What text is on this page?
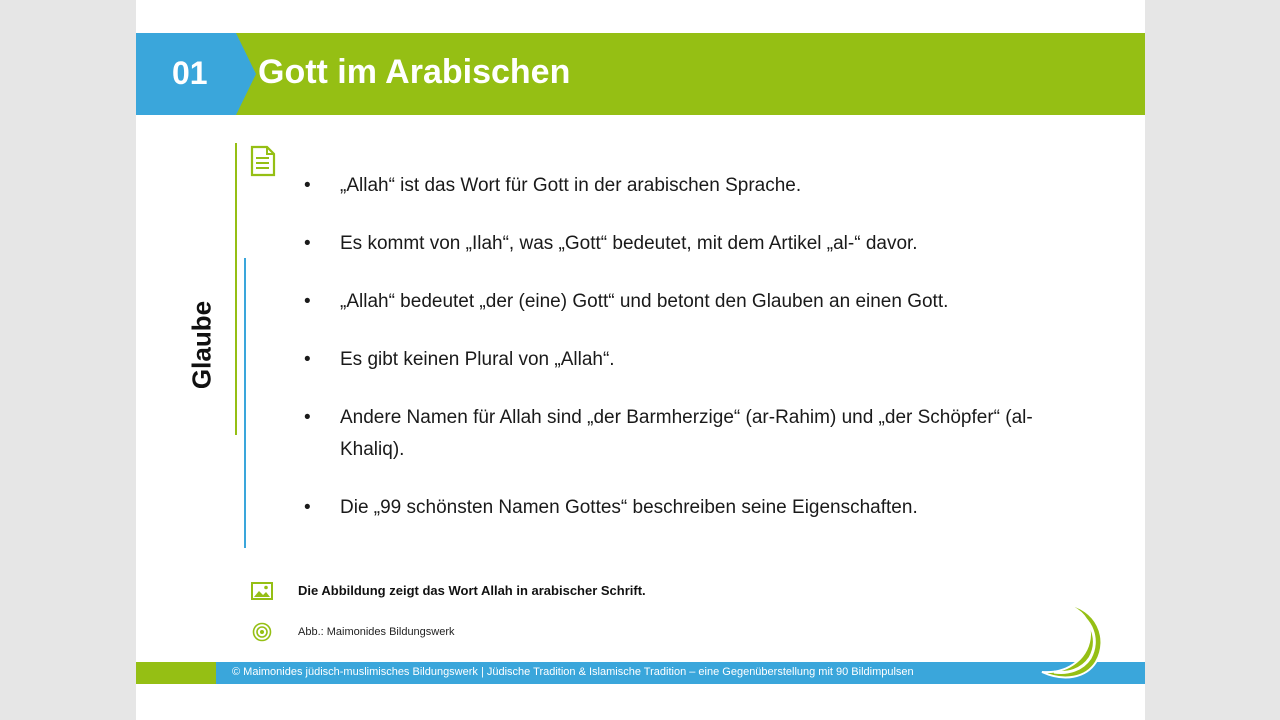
01 Gott im Arabischen
Glaube
• „Allah“ ist das Wort für Gott in der arabischen Sprache.
• Es kommt von „Ilah“, was „Gott“ bedeutet, mit dem Artikel „al-“ davor.
• „Allah“ bedeutet „der (eine) Gott“ und betont den Glauben an einen Gott.
• Es gibt keinen Plural von „Allah“.
• Andere Namen für Allah sind „der Barmherzige“ (ar-Rahim) und „der Schöpfer“ (al-Khaliq).
• Die „99 schönsten Namen Gottes“ beschreiben seine Eigenschaften.
Die Abbildung zeigt das Wort Allah in arabischer Schrift.
Abb.: Maimonides Bildungswerk
© Maimonides jüdisch-muslimisches Bildungswerk | Jüdische Tradition & Islamische Tradition – eine Gegenüberstellung mit 90 Bildimpulsen
